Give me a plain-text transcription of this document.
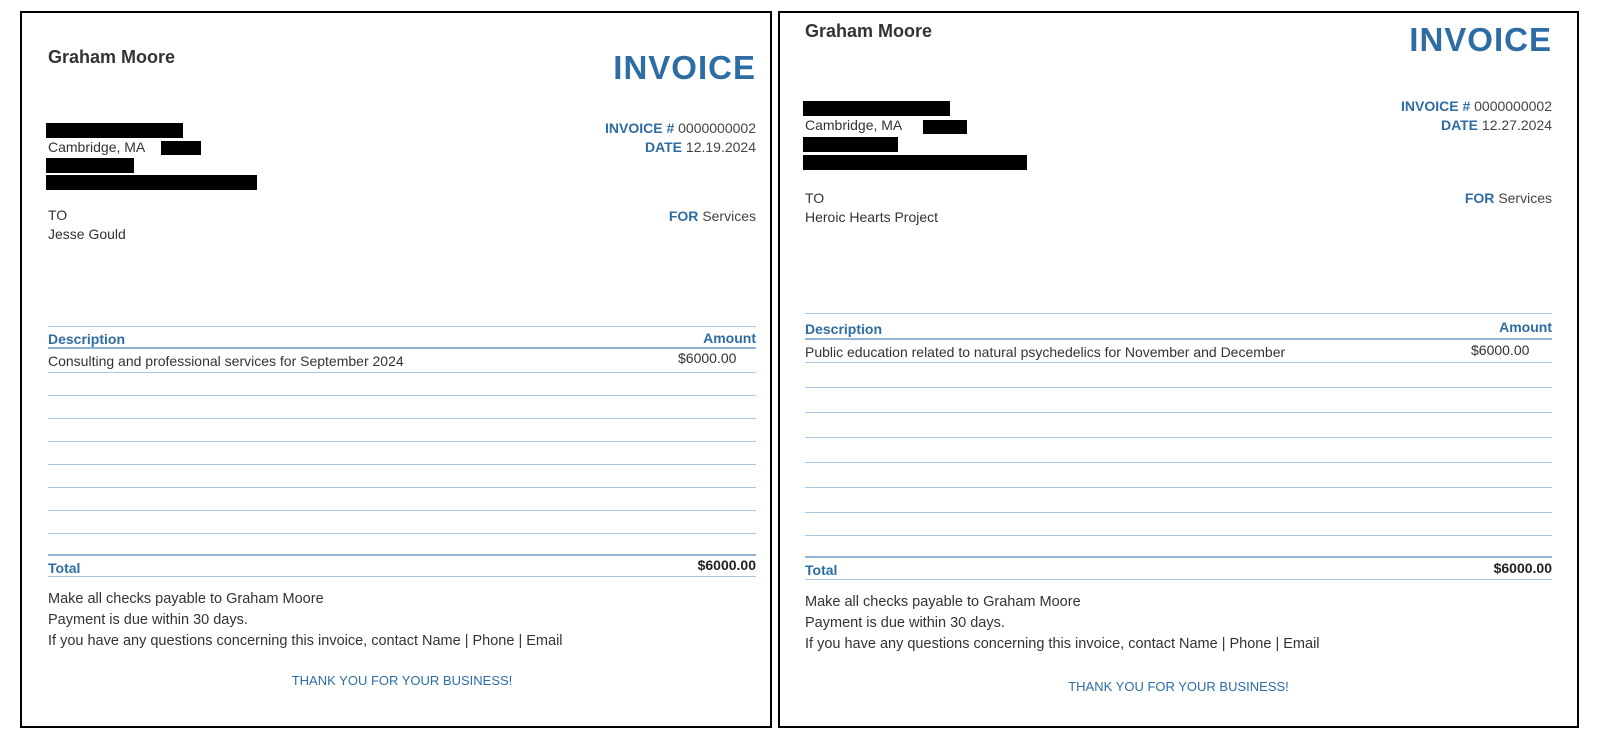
Graham Moore	INVOICE
INVOICE # 0000000002
DATE 12.19.2024
Cambridge, MA
TO
Jesse Gould
FOR Services
Description	Amount
Consulting and professional services for September 2024	$6000.00
Total	$6000.00
Make all checks payable to Graham Moore
Payment is due within 30 days.
If you have any questions concerning this invoice, contact Name | Phone | Email
THANK YOU FOR YOUR BUSINESS!
Graham Moore	INVOICE
INVOICE # 0000000002
DATE 12.27.2024
Cambridge, MA
TO
Heroic Hearts Project
FOR Services
Description	Amount
Public education related to natural psychedelics for November and December	$6000.00
Total	$6000.00
Make all checks payable to Graham Moore
Payment is due within 30 days.
If you have any questions concerning this invoice, contact Name | Phone | Email
THANK YOU FOR YOUR BUSINESS!
